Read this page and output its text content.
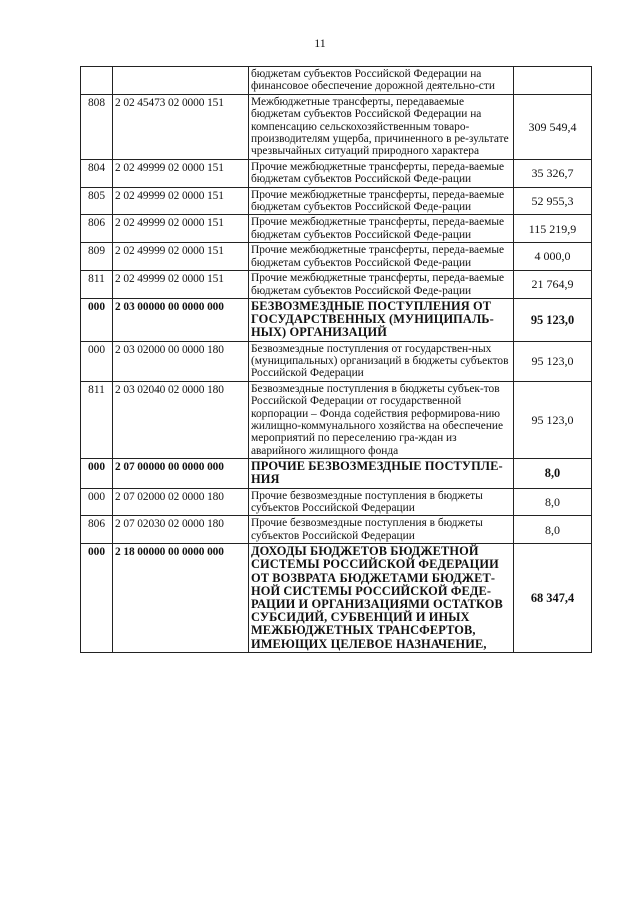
11
		бюджетам субъектов Российской Федерации на финансовое обеспечение дорожной деятельно-сти	
808	2 02 45473 02 0000 151	Межбюджетные трансферты, передаваемые бюджетам субъектов Российской Федерации на компенсацию сельскохозяйственным товаро-производителям ущерба, причиненного в ре-зультате чрезвычайных ситуаций природного характера	309 549,4
804	2 02 49999 02 0000 151	Прочие межбюджетные трансферты, переда-ваемые бюджетам субъектов Российской Феде-рации	35 326,7
805	2 02 49999 02 0000 151	Прочие межбюджетные трансферты, переда-ваемые бюджетам субъектов Российской Феде-рации	52 955,3
806	2 02 49999 02 0000 151	Прочие межбюджетные трансферты, переда-ваемые бюджетам субъектов Российской Феде-рации	115 219,9
809	2 02 49999 02 0000 151	Прочие межбюджетные трансферты, переда-ваемые бюджетам субъектов Российской Феде-рации	4 000,0
811	2 02 49999 02 0000 151	Прочие межбюджетные трансферты, переда-ваемые бюджетам субъектов Российской Феде-рации	21 764,9
000	2 03 00000 00 0000 000	БЕЗВОЗМЕЗДНЫЕ ПОСТУПЛЕНИЯ ОТ ГОСУДАРСТВЕННЫХ (МУНИЦИПАЛЬ-НЫХ) ОРГАНИЗАЦИЙ	95 123,0
000	2 03 02000 00 0000 180	Безвозмездные поступления от государствен-ных (муниципальных) организаций в бюджеты субъектов Российской Федерации	95 123,0
811	2 03 02040 02 0000 180	Безвозмездные поступления в бюджеты субъек-тов Российской Федерации от государственной корпорации – Фонда содействия реформирова-нию жилищно-коммунального хозяйства на обеспечение мероприятий по переселению гра-ждан из аварийного жилищного фонда	95 123,0
000	2 07 00000 00 0000 000	ПРОЧИЕ БЕЗВОЗМЕЗДНЫЕ ПОСТУПЛЕ-НИЯ	8,0
000	2 07 02000 02 0000 180	Прочие безвозмездные поступления в бюджеты субъектов Российской Федерации	8,0
806	2 07 02030 02 0000 180	Прочие безвозмездные поступления в бюджеты субъектов Российской Федерации	8,0
000	2 18 00000 00 0000 000	ДОХОДЫ БЮДЖЕТОВ БЮДЖЕТНОЙ СИСТЕМЫ РОССИЙСКОЙ ФЕДЕРАЦИИ ОТ ВОЗВРАТА БЮДЖЕТАМИ БЮДЖЕТ-НОЙ СИСТЕМЫ РОССИЙСКОЙ ФЕДЕ-РАЦИИ И ОРГАНИЗАЦИЯМИ ОСТАТКОВ СУБСИДИЙ, СУБВЕНЦИЙ И ИНЫХ МЕЖБЮДЖЕТНЫХ ТРАНСФЕРТОВ, ИМЕЮЩИХ ЦЕЛЕВОЕ НАЗНАЧЕНИЕ,	68 347,4
